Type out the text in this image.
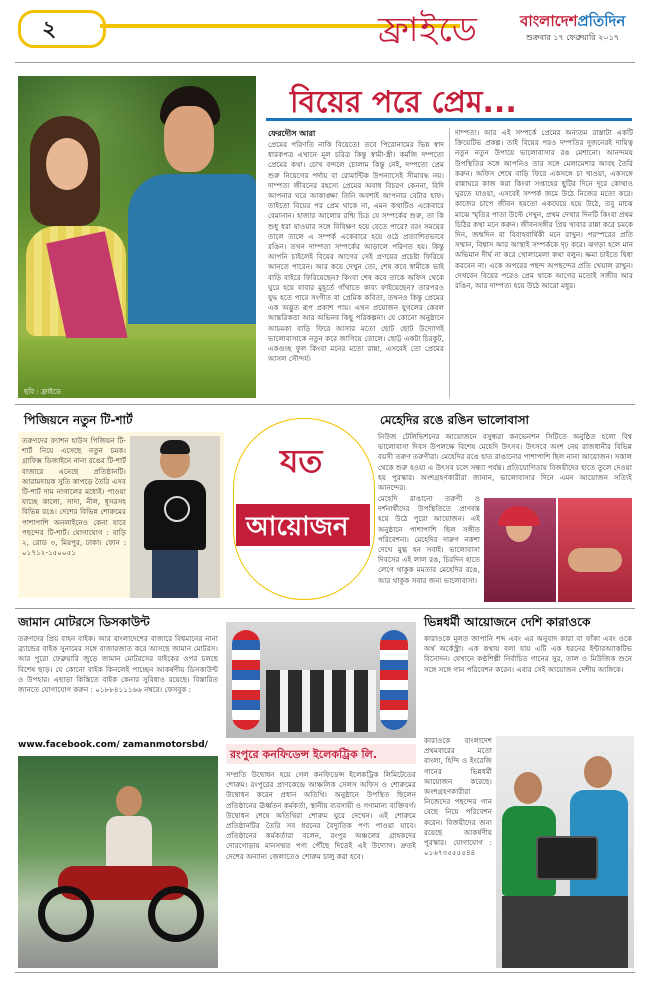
২	ফ্রাইডে	বাংলাদেশপ্রতিদিন
শুক্রবার ১৭ ফেব্রুয়ারি ২০১৭
ছবি : ফ্রাইডে
বিয়ের পরে প্রেম...
ফেরদৌস আরা
প্রেমের পরিণতি নাকি বিয়েতে! তবে পিরোনামের ভিন্ন স্বাদ ধারকপত্র এখানে মূল চরিত্র কিন্তু স্বামী-স্ত্রী। কর্মজি দম্পত্যে প্রেমের কথা। চোখ বন্দলে চোলাম কিন্তু নেই, দম্পত্যে প্রেম শুরু নিয়েগের পর্দায় বা রোমান্টিক উপন্যাসেই সীমাবদ্ধ নয়। দাম্পত্য জীবনের রহস্যে প্রেমের অবাধ বিচরণ কেননা, বিদি আপনার ঘরে আকাঙ্ক্ষা তিনি অবশ্যই আপনার বেটার হাফ। তাইতো বিয়ের পর প্রেম থাকে না, এমন কথাটিও একেবারে বেমানান। হাজার আলোর রশ্মি চিত্র যে সম্পর্কের শুরু, তা কি শুধু ধরা যাওয়ার সঙ্গে বিবিক্ষণ হয়ে যেতে পারে? বরং সময়ের তালে তালে এ সম্পর্ক একেবারে হয়ে ওঠে প্রত্যাশিতভাবে রঙিন। তখন দাম্পত্য সম্পর্কের আড়ালে পরিণত হয়। কিন্তু আপনি চাইলেই বিয়ের আগের সেই প্রণয়ের প্রচেষ্টা ফিরিয়ে আনতে পারেন। আর কয়ে দেখুন তো, শেষ কবে স্বামীকে ভাই বাড়ি বাইরে ফিরিয়েছেন? কিংবা শেষ কবে তাকে অফিস থেকে ঘুরে হয়ে যাবার মুহূর্তে গাঁথাতে কাব্য ফাইয়েছেন? তারপরও যুদ্ধ হতে পারে সংগীত বা প্রেমিক কবিতা, তখনও কিন্তু প্রেমের এক অদ্ভুত রূপ প্রকাশ পায়। এখন প্রয়োজন যুগলের কেবল আন্তরিকতা আর অভিনব কিছু পরিকল্পনা। যে কোনো অনুষ্ঠানে আচমকা বাড়ি ফিরে আসার মতো ছোট ছোট উদ্যোগই ভালোবাসাকে নতুন করে জাগিয়ে তোলে। ছোট্ট একটা চিরকুট, একগুচ্ছ ফুল কিংবা মনের মতো রান্না, এসবেই তো প্রেমের আসল সৌন্দর্য।
দাম্পত্য। আর এই সম্পর্কে প্রেমের অন্যতম রাস্তাটা একটি ক্রিয়েটিভ প্রকল্প। তাই বিয়ের পরও দম্পতির দুজনেরই দায়িত্ব নতুন নতুন উপায়ে ভালোবাসার রঙ মেশানো। আনন্দময় উপস্থিতির সঙ্গে আপনিও তার সঙ্গে মেলামেশার আবহ তৈরি করুন। অফিস শেষে বাড়ি ফিরে একসঙ্গে চা খাওয়া, একসঙ্গে রান্নাঘরে কাজ করা কিংবা সপ্তাহের ছুটির দিনে দূরে কোথাও ঘুরতে যাওয়া, এসবেই সম্পর্ক জমে উঠে নিজের মতো করে। কাজের চাপে জীবন হয়তো একঘেয়ে হয়ে উঠে, তবু মাঝে মাঝে স্মৃতির পাতা উল্টে দেখুন, প্রথম দেখার দিনটি কিংবা প্রথম চিঠির কথা মনে করুন। জীবনসঙ্গীর প্রিয় খাবার রান্না করে চমকে দিন, জন্মদিন বা বিবাহবার্ষিকী মনে রাখুন। পরস্পরের প্রতি সম্মান, বিশ্বাস আর আস্থাই সম্পর্ককে দৃঢ় করে। ঝগড়া হলে মান অভিমান দীর্ঘ না করে খোলামেলা কথা বলুন। ক্ষমা চাইতে দ্বিধা করবেন না। একে অপরের পছন্দ অপছন্দের প্রতি খেয়াল রাখুন। দেখবেন বিয়ের পরেও প্রেম থাকে আগের মতোই সজীব আর রঙিন, আর দাম্পত্য হয়ে উঠে আরো মধুর।
পিজিয়নে নতুন টি-শার্ট
তরুণদের ফ্যাশন হাউস পিজিয়ন টি-শার্ট নিয়ে এসেছে নতুন চমক। গ্রাফিক্স ডিজাইনে নানা রঙের টি-শার্ট বাজারে এনেছে প্রতিষ্ঠানটি। আরামদায়ক সুতি কাপড়ে তৈরি এসব টি-শার্ট দাম নাগালের মধ্যেই। পাওয়া যাচ্ছে কালো, সাদা, নীল, ধূসরসহ বিভিন্ন রঙে। দেশের বিভিন্ন শোরুমের পাশাপাশি অনলাইনেও কেনা যাবে পছন্দের টি-শার্ট। যোগাযোগ : বাড়ি ২, রোড ৩, মিরপুর, ঢাকা। ফোন : ০১৭১২-১৫০০৫১
যত
আয়োজন
মেহেদির রঙে রঙিন ভালোবাসা
নিউজ টেলিভিশনের আয়োজনে বসুন্ধরা কনভেনশন সিটিতে অনুষ্ঠিত হলো বিশ্ব ভালোবাসা দিবস উপলক্ষে বিশেষ মেহেদি উৎসব। উৎসবে অংশ নেয় রাজধানীর বিভিন্ন বয়সী তরুণ তরুণীরা। মেহেদির রঙে হাত রাঙানোর পাশাপাশি ছিল নানা আয়োজন। সকাল থেকে শুরু হওয়া এ উৎসব চলে সন্ধ্যা পর্যন্ত। প্রতিযোগিতায় বিজয়ীদের হাতে তুলে দেওয়া হয় পুরস্কার। অংশগ্রহণকারীরা জানান, ভালোবাসার দিনে এমন আয়োজন সত্যিই আনন্দের।
মেহেদি রাঙানো তরুণী ও দর্শনার্থীদের উপস্থিতিতে প্রাণবন্ত হয়ে উঠে পুরো আয়োজন। এই অনুষ্ঠানে পাশাপাশি ছিল সঙ্গীত পরিবেশনা। মেহেদির দারুণ নকশা দেখে মুগ্ধ হন সবাই। ভালোবাসা দিবসের এই লাল রঙ, চিরদিন হাতে লেগে থাকুক মমতার মেহেদির রঙে, আর থাকুক সবার জন্য ভালোবাসা।
জামান মোটরসে ডিসকাউন্ট
তরুণদের প্রিয় বাহন বাইক। আর বাংলাদেশের বাজারে বিশ্বমানের নানা ব্র্যান্ডের বাইক সুনামের সঙ্গে বাজারজাত করে আসছে জামান মোটরস। আর পুরো ফেব্রুয়ারি জুড়ে জামান মোটরসের বাইকের ওপর চলছে বিশেষ ছাড়। যে কোনো বাইক কিনলেই পাচ্ছেন আকর্ষণীয় ডিসকাউন্ট ও উপহার। এছাড়া কিস্তিতে বাইক কেনার সুবিধাও রয়েছে। বিস্তারিত জানতে যোগাযোগ করুন : ০১৮৮৪১১১৬৬ নম্বরে। ফেসবুক :
www.facebook.com/ zamanmotorsbd/
রংপুরে কনফিডেন্স ইলেকট্রিক লি.
সম্প্রতি উদ্বোধন হয়ে গেল কনফিডেন্স ইলেকট্রিক লিমিটেডের শোরুম। রংপুরের প্রাণকেন্দ্রে আঞ্চলিক সেলস অফিস ও শোরুমের উদ্বোধন করেন প্রধান অতিথি। অনুষ্ঠানে উপস্থিত ছিলেন প্রতিষ্ঠানের ঊর্ধ্বতন কর্মকর্তা, স্থানীয় ব্যবসায়ী ও গণ্যমান্য ব্যক্তিবর্গ। উদ্বোধন শেষে অতিথিরা শোরুম ঘুরে দেখেন। এই শোরুমে প্রতিষ্ঠানটির তৈরি সব ধরনের বৈদ্যুতিক পণ্য পাওয়া যাবে। প্রতিষ্ঠানের কর্মকর্তারা বলেন, রংপুর অঞ্চলের গ্রাহকদের দোরগোড়ায় মানসম্মত পণ্য পৌঁছে দিতেই এই উদ্যোগ। দ্রুতই দেশের অন্যান্য জেলাতেও শোরুম চালু করা হবে।
ভিন্নধর্মী আয়োজনে দেশি কারাওকে
কারাওকে মূলত জাপানি শব্দ এবং এর অনুবাদ কারা বা ফাঁকা এবং ওকে অর্থ অর্কেস্ট্রা। এক কথায় বলা যায় এটি এক ধরনের ইন্টারঅ্যাকটিভ বিনোদন। যেখানে কণ্ঠশিল্পী নির্বাচিত গানের সুর, তাল ও মিউজিক শুনে সঙ্গে সঙ্গে গান পরিবেশন করেন। এবার সেই আয়োজন দেশীয় আঙ্গিকে।
কারাওকে বাংলাদেশ প্রথমবারের মতো বাংলা, হিন্দি ও ইংরেজি গানের ভিন্নধর্মী আয়োজন করেছে। অংশগ্রহণকারীরা নিজেদের পছন্দের গান বেছে নিয়ে পরিবেশন করেন। বিজয়ীদের জন্য রয়েছে আকর্ষণীয় পুরস্কার। যোগাযোগ : ০১৬৭৩৫৫৫৫৪৪
